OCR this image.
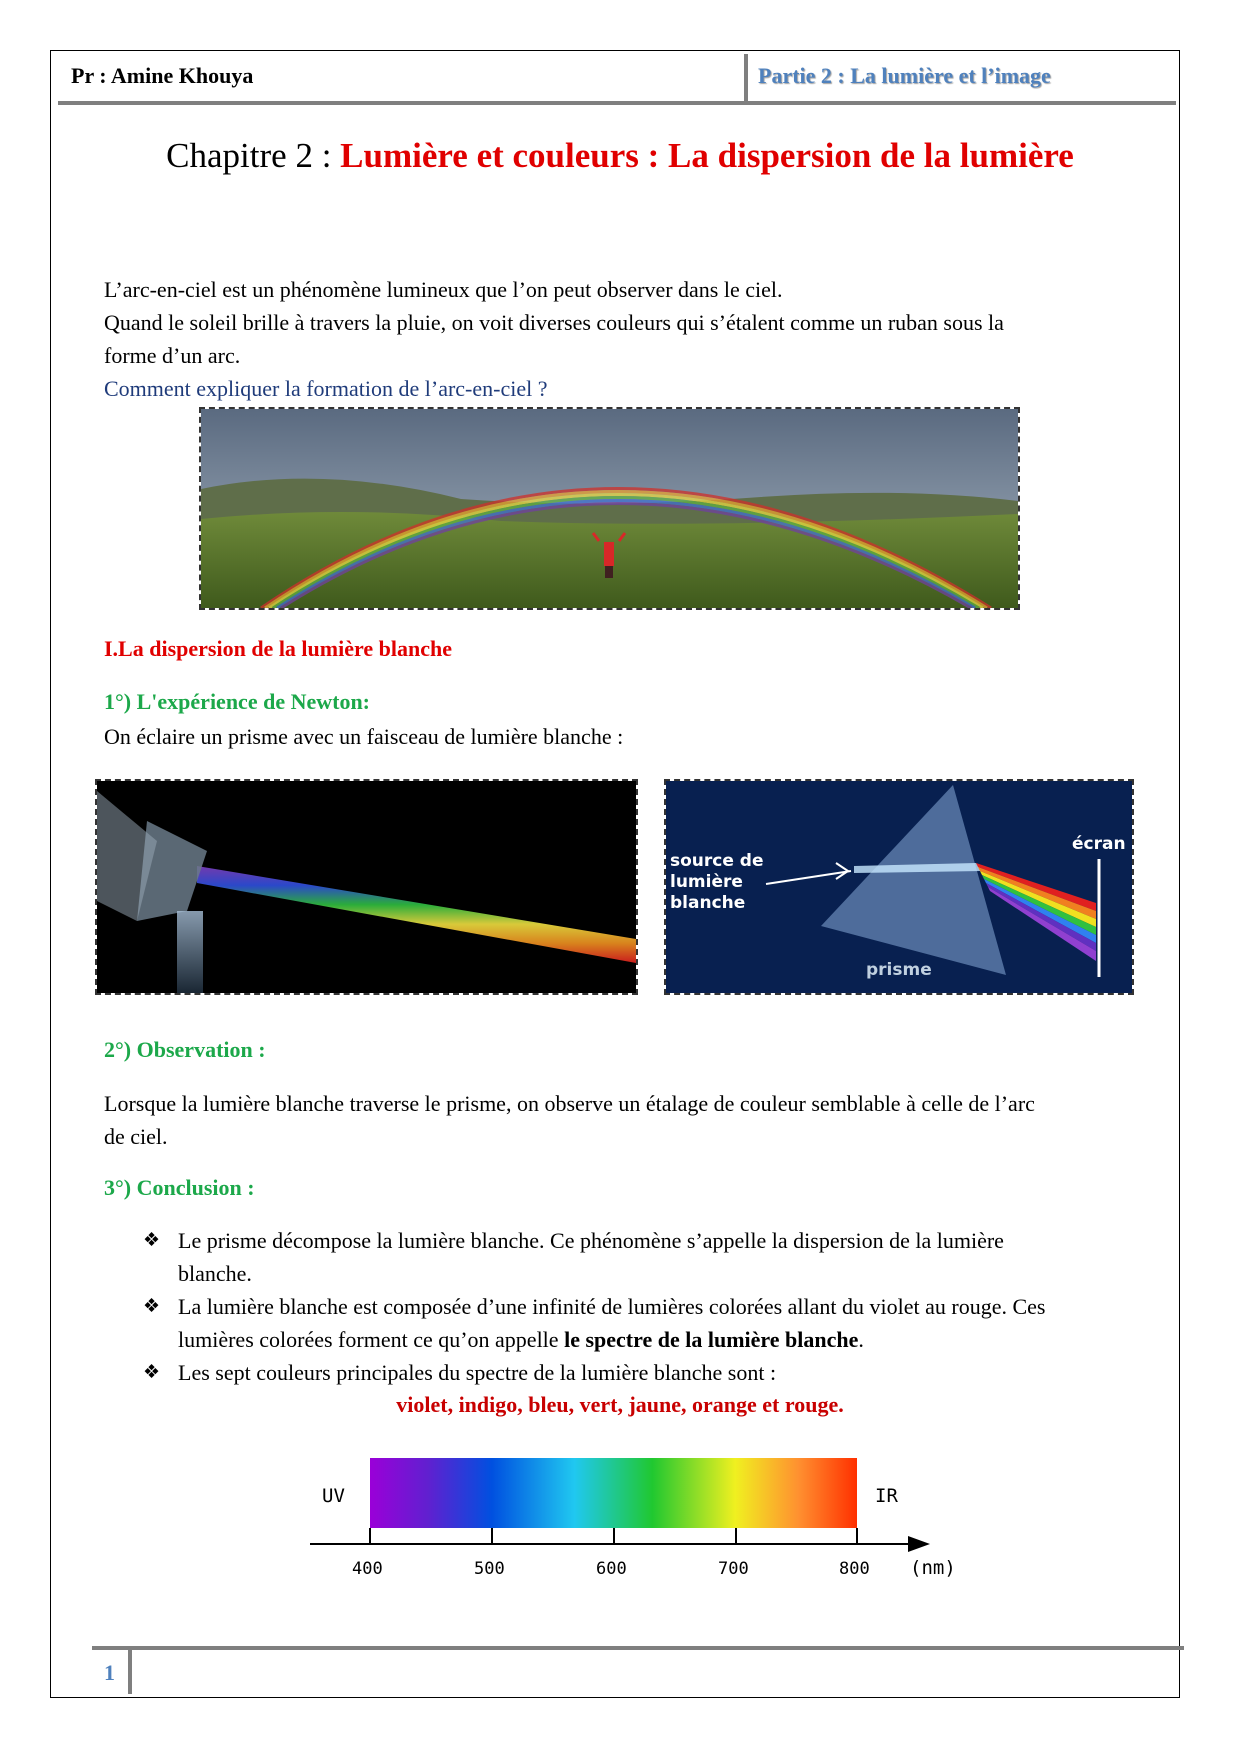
Pr : Amine Khouya	Partie 2 : La lumière et l’image
Chapitre 2 : Lumière et couleurs : La dispersion de la lumière
L’arc-en-ciel est un phénomène lumineux que l’on peut observer dans le ciel.
Quand le soleil brille à travers la pluie, on voit diverses couleurs qui s’étalent comme un ruban sous la
forme d’un arc.
Comment expliquer la formation de l’arc-en-ciel ?
I.La dispersion de la lumière blanche
1°) L'expérience de Newton:
On éclaire un prisme avec un faisceau de lumière blanche :
source de
lumière
blanche
écran
prisme
2°) Observation :
Lorsque la lumière blanche traverse le prisme, on observe un étalage de couleur semblable à celle de l’arc
de ciel.
3°) Conclusion :
❖ Le prisme décompose la lumière blanche. Ce phénomène s’appelle la dispersion de la lumière
blanche.
❖ La lumière blanche est composée d’une infinité de lumières colorées allant du violet au rouge. Ces
lumières colorées forment ce qu’on appelle le spectre de la lumière blanche.
❖ Les sept couleurs principales du spectre de la lumière blanche sont :
violet, indigo, bleu, vert, jaune, orange et rouge.
UV	IR
400	500	600	700	800 (nm)
1
